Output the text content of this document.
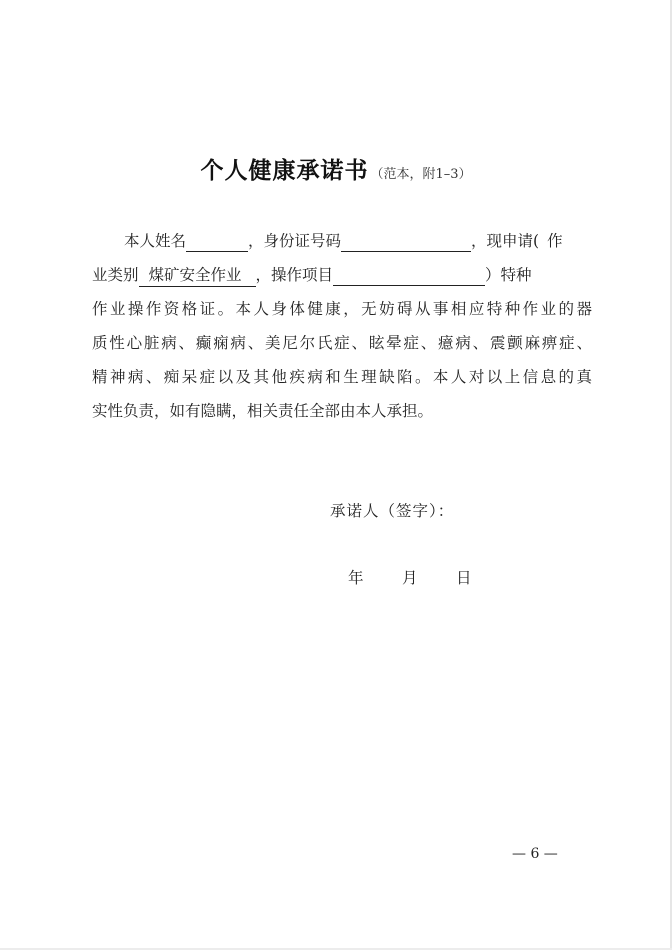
个人健康承诺书 （范本，附1–3）
本人姓名	，身份证号码	，现申请( 作
业类别 煤矿安全作业 ，操作项目	）特种
作业操作资格证。本人身体健康，无妨碍从事相应特种作业的器
质性心脏病、癫痫病、美尼尔氏症、眩晕症、癔病、震颤麻痹症、
精神病、痴呆症以及其他疾病和生理缺陷。本人对以上信息的真
实性负责，如有隐瞒，相关责任全部由本人承担。
承诺人（签字）：
年 月 日
— 6 —
